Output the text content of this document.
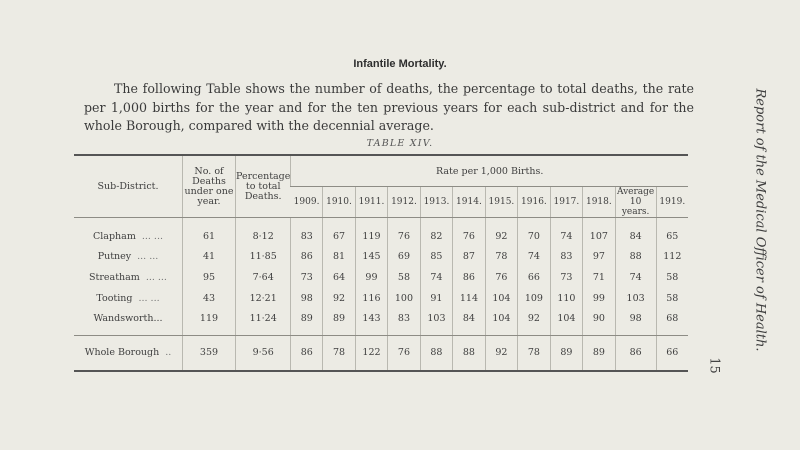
Infantile Mortality.

The following Table shows the number of deaths, the percentage to total deaths, the rate per 1,000 births for the year and for the ten previous years for each sub-district and for the whole Borough, compared with the decennial average.

TABLE XIV.
Sub-District.	No. of Deaths under one year.	Percentage to total Deaths.	Rate per 1,000 Births.											
			1909.	1910.	1911.	1912.	1913.	1914.	1915.	1916.	1917.	1918.	Average 10 years.	1919.
Clapham ... ...	61	8·12	83	67	119	76	82	76	92	70	74	107	84	65
Putney ... ...	41	11·85	86	81	145	69	85	87	78	74	83	97	88	112
Streatham ... ...	95	7·64	73	64	99	58	74	86	76	66	73	71	74	58
Tooting ... ...	43	12·21	98	92	116	100	91	114	104	109	110	99	103	58
Wandsworth...	119	11·24	89	89	143	83	103	84	104	92	104	90	98	68
Whole Borough ..	359	9·56	86	78	122	76	88	88	92	78	89	89	86	66
Report of the Medical Officer of Health.
15
